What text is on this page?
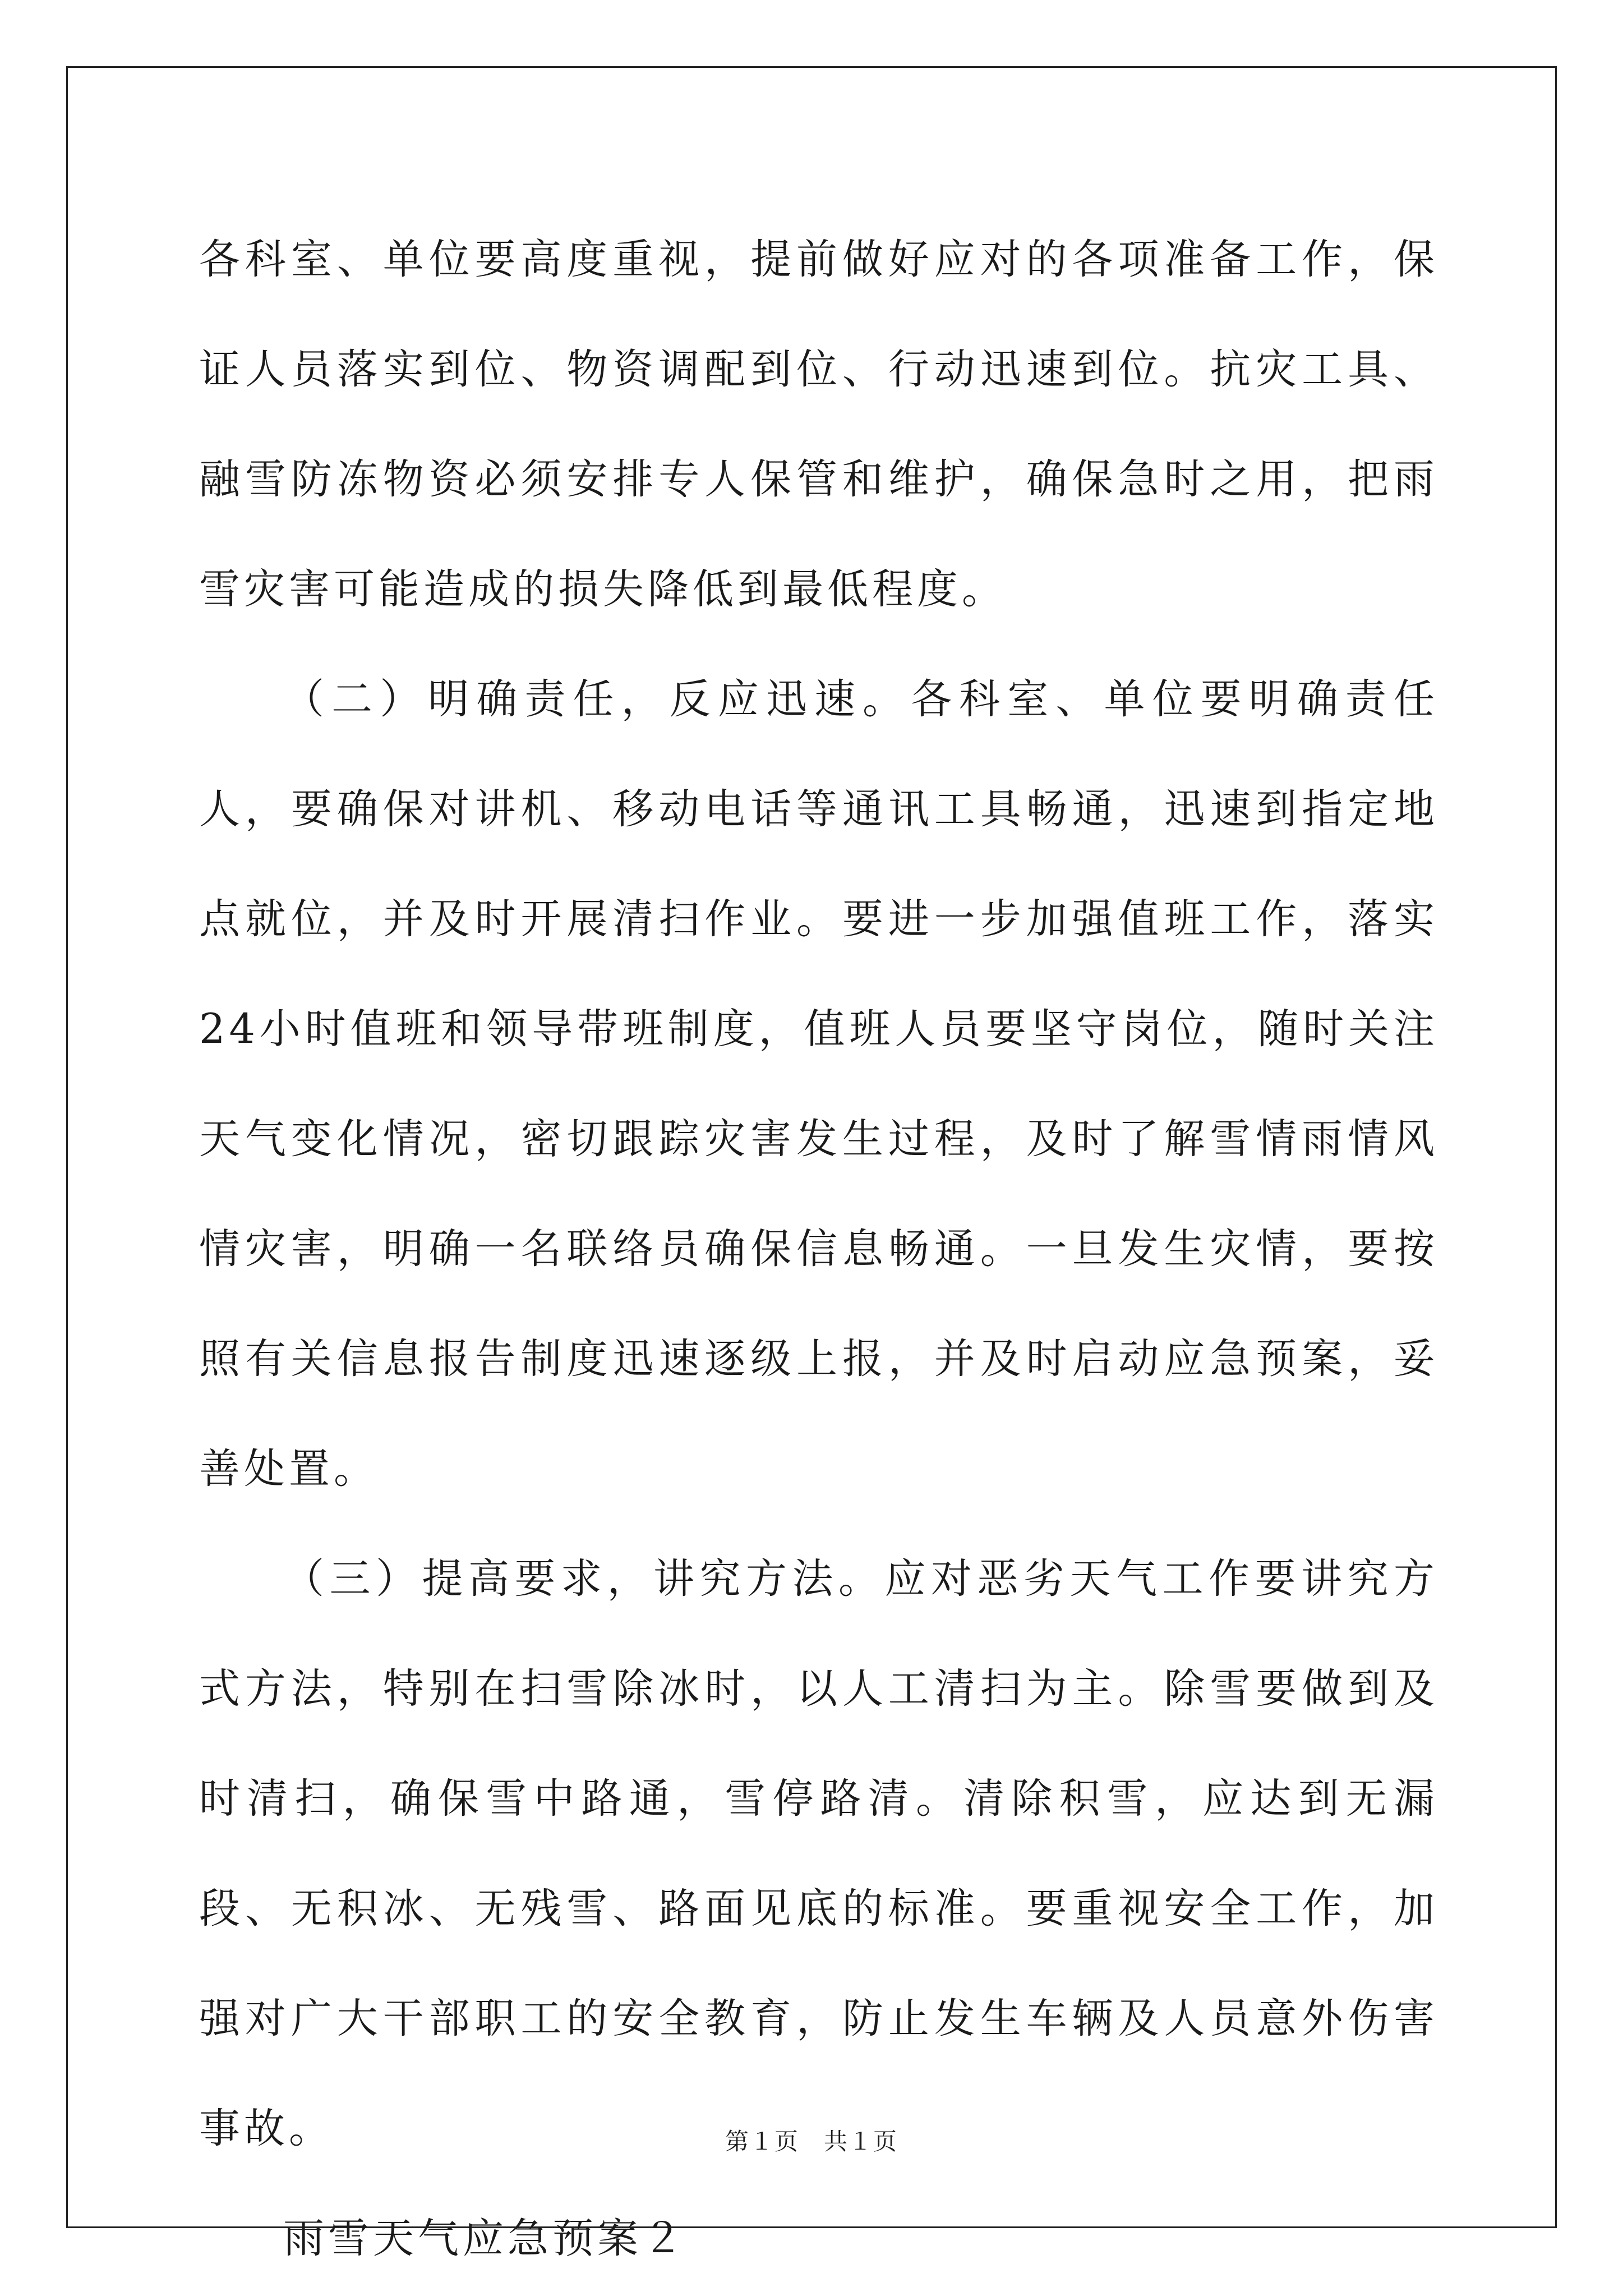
各科室、单位要高度重视，提前做好应对的各项准备工作，保证人员落实到位、物资调配到位、行动迅速到位。抗灾工具、融雪防冻物资必须安排专人保管和维护，确保急时之用，把雨雪灾害可能造成的损失降低到最低程度。

（二）明确责任，反应迅速。各科室、单位要明确责任人，要确保对讲机、移动电话等通讯工具畅通，迅速到指定地点就位，并及时开展清扫作业。要进一步加强值班工作，落实24小时值班和领导带班制度，值班人员要坚守岗位，随时关注天气变化情况，密切跟踪灾害发生过程，及时了解雪情雨情风情灾害，明确一名联络员确保信息畅通。一旦发生灾情，要按照有关信息报告制度迅速逐级上报，并及时启动应急预案，妥善处置。

（三）提高要求，讲究方法。应对恶劣天气工作要讲究方式方法，特别在扫雪除冰时，以人工清扫为主。除雪要做到及时清扫，确保雪中路通，雪停路清。清除积雪，应达到无漏段、无积冰、无残雪、路面见底的标准。要重视安全工作，加强对广大干部职工的安全教育，防止发生车辆及人员意外伤害事故。

雨雪天气应急预案２

第１页　共１页
